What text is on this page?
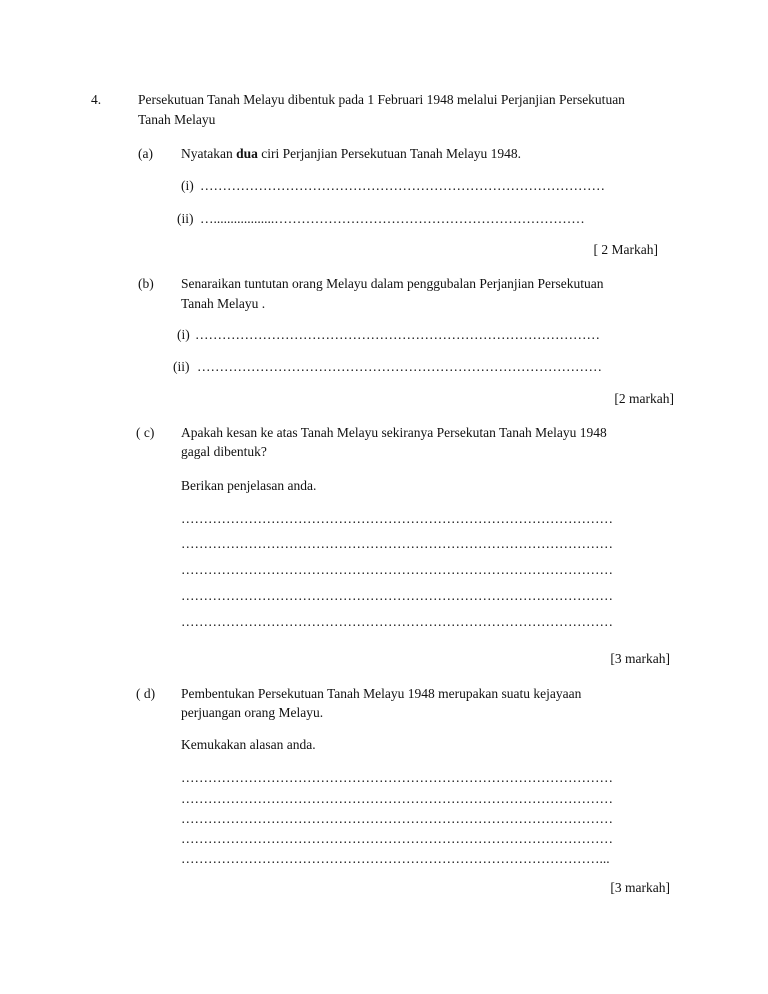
4.	Persekutuan Tanah Melayu dibentuk pada 1 Februari 1948 melalui Perjanjian Persekutuan

Tanah Melayu

(a) Nyatakan dua ciri Perjanjian Persekutuan Tanah Melayu 1948.

(i) ………………………………………………………………………………

(ii) …..................……………………………………………………………

[ 2 Markah]

(b) Senaraikan tuntutan orang Melayu dalam penggubalan Perjanjian Persekutuan

Tanah Melayu .

(i) ………………………………………………………………………………

(ii) ………………………………………………………………………………

[2 markah]

( c) Apakah kesan ke atas Tanah Melayu sekiranya Persekutan Tanah Melayu 1948

gagal dibentuk?

Berikan penjelasan anda.

……………………………………………………………………………………

……………………………………………………………………………………

……………………………………………………………………………………

……………………………………………………………………………………

……………………………………………………………………………………

[3 markah]

( d) Pembentukan Persekutuan Tanah Melayu 1948 merupakan suatu kejayaan

perjuangan orang Melayu.

Kemukakan alasan anda.

……………………………………………………………………………………

……………………………………………………………………………………

……………………………………………………………………………………

……………………………………………………………………………………

…………………………………………………………………………………...

[3 markah]
